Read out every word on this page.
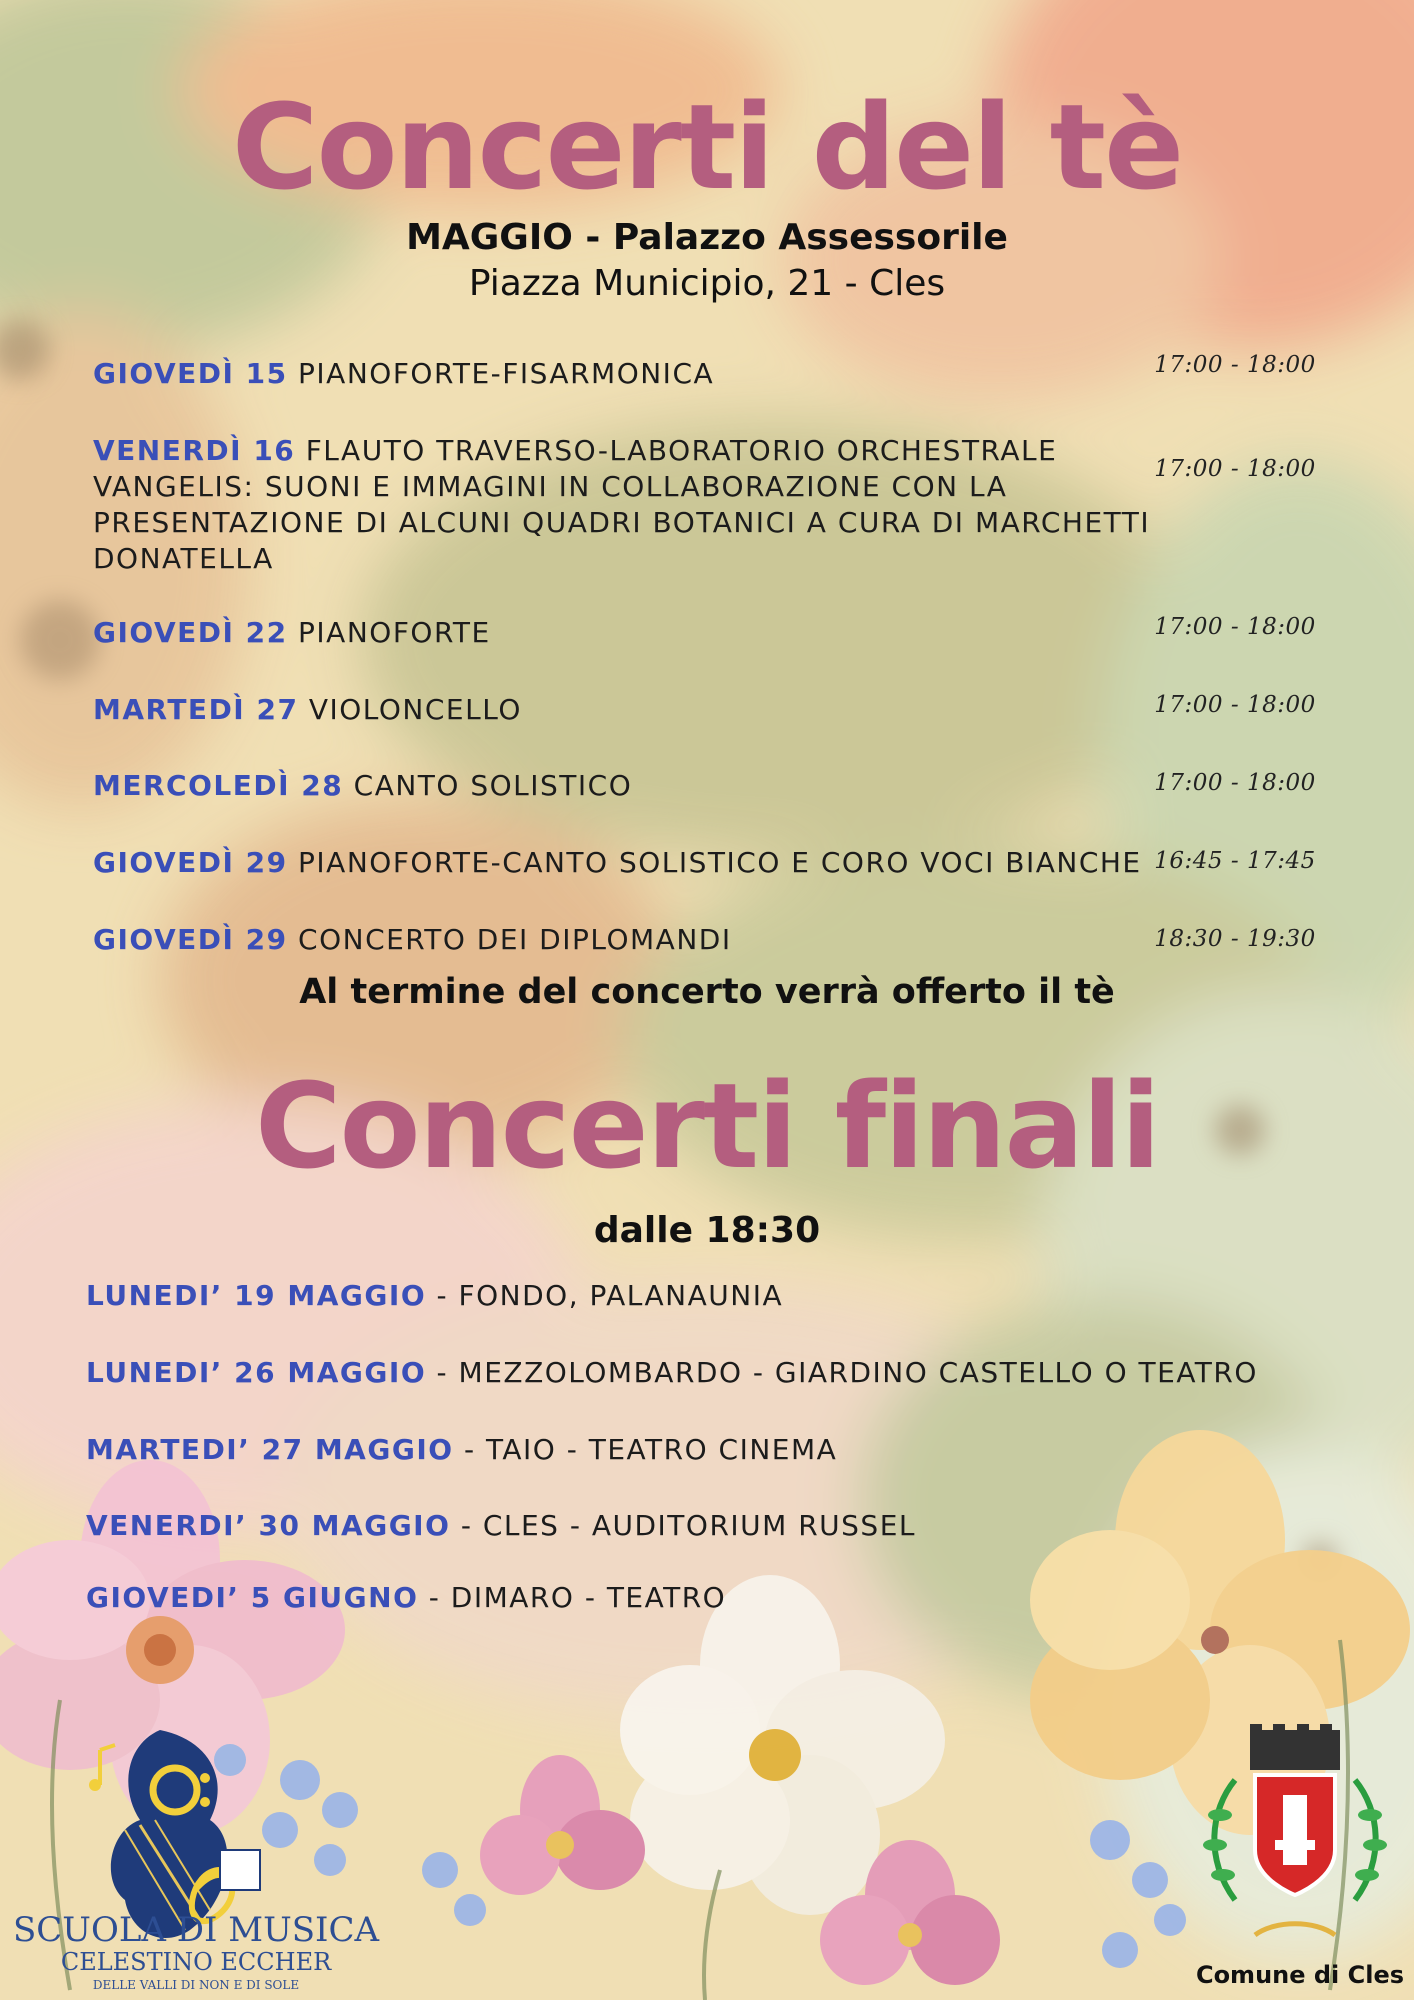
Concerti del tè
MAGGIO - Palazzo Assessorile
Piazza Municipio, 21 - Cles
GIOVEDÌ 15 PIANOFORTE-FISARMONICA	17:00 - 18:00
VENERDÌ 16 FLAUTO TRAVERSO-LABORATORIO ORCHESTRALE VANGELIS: SUONI E IMMAGINI IN COLLABORAZIONE CON LA PRESENTAZIONE DI ALCUNI QUADRI BOTANICI A CURA DI MARCHETTI DONATELLA
17:00 - 18:00
GIOVEDÌ 22 PIANOFORTE	17:00 - 18:00
MARTEDÌ 27 VIOLONCELLO	17:00 - 18:00
MERCOLEDÌ 28 CANTO SOLISTICO	17:00 - 18:00
GIOVEDÌ 29 PIANOFORTE-CANTO SOLISTICO E CORO VOCI BIANCHE 16:45 - 17:45
GIOVEDÌ 29 CONCERTO DEI DIPLOMANDI	18:30 - 19:30
Al termine del concerto verrà offerto il tè
Concerti finali
dalle 18:30
LUNEDI’ 19 MAGGIO - FONDO, PALANAUNIA
LUNEDI’ 26 MAGGIO - MEZZOLOMBARDO - GIARDINO CASTELLO O TEATRO
MARTEDI’ 27 MAGGIO - TAIO - TEATRO CINEMA
VENERDI’ 30 MAGGIO - CLES - AUDITORIUM RUSSEL
GIOVEDI’ 5 GIUGNO - DIMARO - TEATRO
SCUOLA DI MUSICA
CELESTINO ECCHER
DELLE VALLI DI NON E DI SOLE	Comune di Cles
